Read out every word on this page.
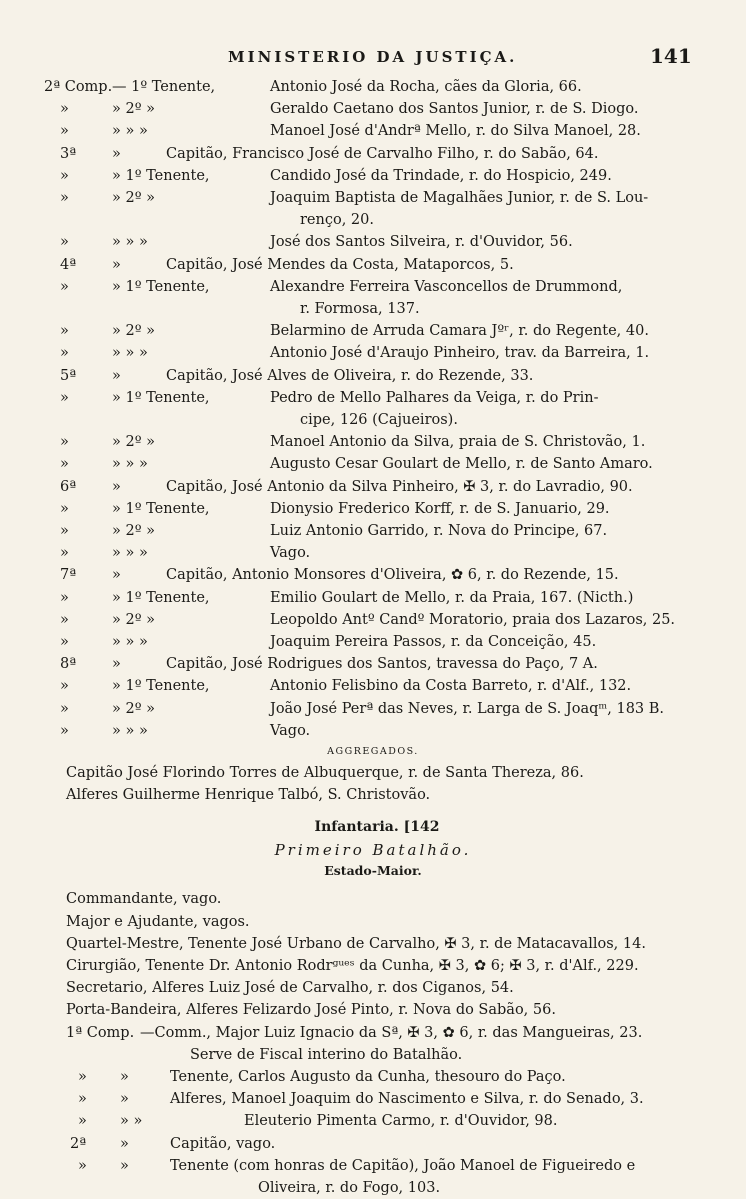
MINISTERIO DA JUSTIÇA.	141
2ª Comp. — 1º Tenente,	Antonio José da Rocha, cães da Gloria, 66.
»	» 2º »	Geraldo Caetano dos Santos Junior, r. de S. Diogo.
»	» » »	Manoel José d'Andrª Mello, r. do Silva Manoel, 28.
3ª »	Capitão, Francisco José de Carvalho Filho, r. do Sabão, 64.
»	» 1º Tenente,	Candido José da Trindade, r. do Hospicio, 249.
»	» 2º »	Joaquim Baptista de Magalhães Junior, r. de S. Lou-
renço, 20.
»	» » »	José dos Santos Silveira, r. d'Ouvidor, 56.
4ª »	Capitão, José Mendes da Costa, Mataporcos, 5.
»	» 1º Tenente,	Alexandre Ferreira Vasconcellos de Drummond,
r. Formosa, 137.
»	» 2º »	Belarmino de Arruda Camara Jºʳ, r. do Regente, 40.
»	» » »	Antonio José d'Araujo Pinheiro, trav. da Barreira, 1.
5ª »	Capitão, José Alves de Oliveira, r. do Rezende, 33.
»	» 1º Tenente,	Pedro de Mello Palhares da Veiga, r. do Prin-
cipe, 126 (Cajueiros).
»	» 2º »	Manoel Antonio da Silva, praia de S. Christovão, 1.
»	» » »	Augusto Cesar Goulart de Mello, r. de Santo Amaro.
6ª »	Capitão, José Antonio da Silva Pinheiro, ✠ 3, r. do Lavradio, 90.
»	» 1º Tenente,	Dionysio Frederico Korff, r. de S. Januario, 29.
»	» 2º »	Luiz Antonio Garrido, r. Nova do Principe, 67.
»	» » »	Vago.
7ª »	Capitão, Antonio Monsores d'Oliveira, ✿ 6, r. do Rezende, 15.
»	» 1º Tenente,	Emilio Goulart de Mello, r. da Praia, 167. (Nicth.)
»	» 2º »	Leopoldo Antº Candº Moratorio, praia dos Lazaros, 25.
»	» » »	Joaquim Pereira Passos, r. da Conceição, 45.
8ª »	Capitão, José Rodrigues dos Santos, travessa do Paço, 7 A.
»	» 1º Tenente,	Antonio Felisbino da Costa Barreto, r. d'Alf., 132.
»	» 2º »	João José Perª das Neves, r. Larga de S. Joaqᵐ, 183 B.
»	» » »	Vago.
AGGREGADOS.
Capitão José Florindo Torres de Albuquerque, r. de Santa Thereza, 86.
Alferes Guilherme Henrique Talbó, S. Christovão.
Infantaria. [142
Primeiro Batalhão.
Estado-Maior.
Commandante, vago.
Major e Ajudante, vagos.
Quartel-Mestre, Tenente José Urbano de Carvalho, ✠ 3, r. de Matacavallos, 14.
Cirurgião, Tenente Dr. Antonio Rodrᵍᵘᵉˢ da Cunha, ✠ 3, ✿ 6; ✠ 3, r. d'Alf., 229.
Secretario, Alferes Luiz José de Carvalho, r. dos Ciganos, 54.
Porta-Bandeira, Alferes Felizardo José Pinto, r. Nova do Sabão, 56.
1ª Comp. —Comm., Major Luiz Ignacio da Sª, ✠ 3, ✿ 6, r. das Mangueiras, 23.
Serve de Fiscal interino do Batalhão.
» »	Tenente, Carlos Augusto da Cunha, thesouro do Paço.
» »	Alferes, Manoel Joaquim do Nascimento e Silva, r. do Senado, 3.
» » »	Eleuterio Pimenta Carmo, r. d'Ouvidor, 98.
2ª »	Capitão, vago.
» »	Tenente (com honras de Capitão), João Manoel de Figueiredo e
Oliveira, r. do Fogo, 103.
